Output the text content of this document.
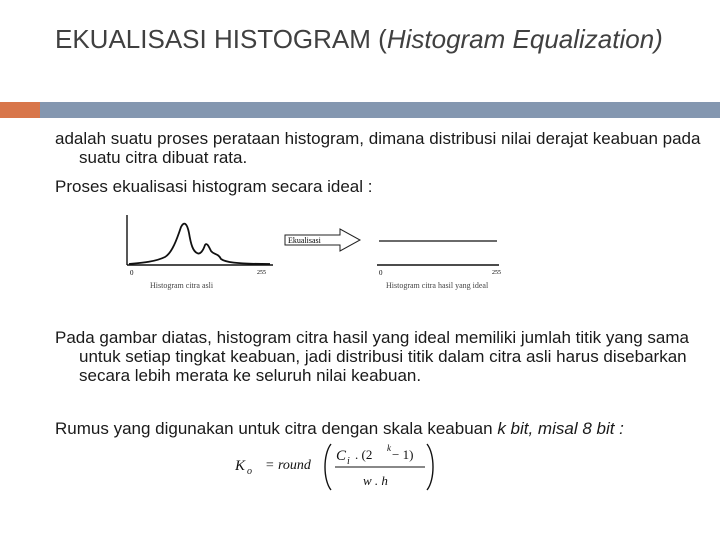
EKUALISASI HISTOGRAM (Histogram Equalization)
adalah suatu proses perataan histogram, dimana distribusi nilai derajat keabuan pada suatu citra dibuat rata.
Proses ekualisasi histogram secara ideal :
0	255
Histogram citra asli
Ekualisasi
0	255
Histogram citra hasil yang ideal
Pada gambar diatas, histogram citra hasil yang ideal memiliki jumlah titik yang sama untuk setiap tingkat keabuan, jadi distribusi titik dalam citra asli harus disebarkan secara lebih merata ke seluruh nilai keabuan.
Rumus yang digunakan untuk citra dengan skala keabuan k bit, misal 8 bit :
K o = round
C i . (2 k − 1)
w . h
